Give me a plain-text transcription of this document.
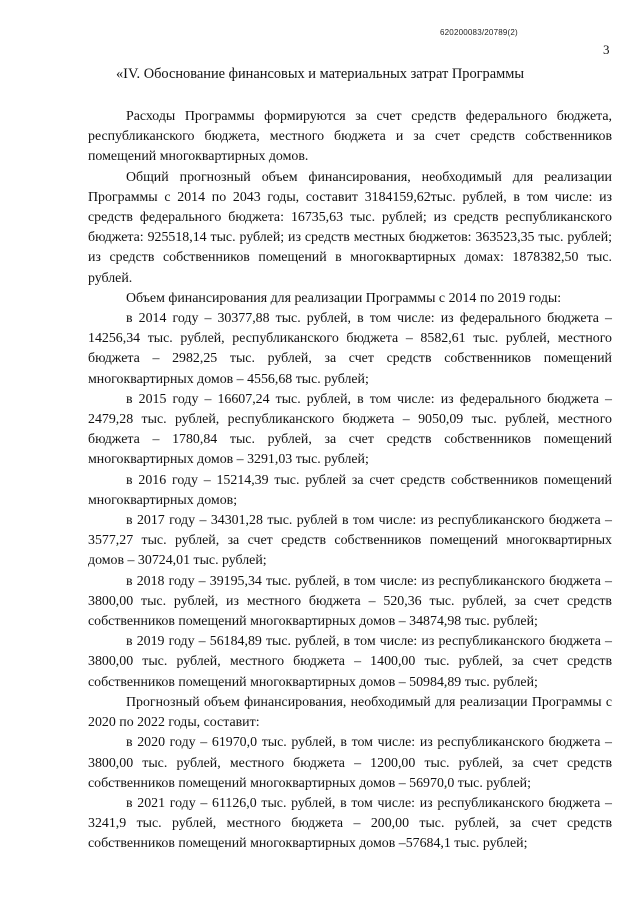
620200083/20789(2)
3
«IV. Обоснование финансовых и материальных затрат Программы

Расходы Программы формируются за счет средств федерального бюджета, республиканского бюджета, местного бюджета и за счет средств собственников помещений многоквартирных домов.

Общий прогнозный объем финансирования, необходимый для реализации Программы с 2014 по 2043 годы, составит 3184159,62тыс. рублей, в том числе: из средств федерального бюджета: 16735,63 тыс. рублей; из средств республиканского бюджета: 925518,14 тыс. рублей; из средств местных бюджетов: 363523,35 тыс. рублей; из средств собственников помещений в многоквартирных домах: 1878382,50 тыс. рублей.

Объем финансирования для реализации Программы с 2014 по 2019 годы:

в 2014 году – 30377,88 тыс. рублей, в том числе: из федерального бюджета – 14256,34 тыс. рублей, республиканского бюджета – 8582,61 тыс. рублей, местного бюджета – 2982,25 тыс. рублей, за счет средств собственников помещений многоквартирных домов – 4556,68 тыс. рублей;

в 2015 году – 16607,24 тыс. рублей, в том числе: из федерального бюджета – 2479,28 тыс. рублей, республиканского бюджета – 9050,09 тыс. рублей, местного бюджета – 1780,84 тыс. рублей, за счет средств собственников помещений многоквартирных домов – 3291,03 тыс. рублей;

в 2016 году – 15214,39 тыс. рублей за счет средств собственников помещений многоквартирных домов;

в 2017 году – 34301,28 тыс. рублей в том числе: из республиканского бюджета – 3577,27 тыс. рублей, за счет средств собственников помещений многоквартирных домов – 30724,01 тыс. рублей;

в 2018 году – 39195,34 тыс. рублей, в том числе: из республиканского бюджета – 3800,00 тыс. рублей, из местного бюджета – 520,36 тыс. рублей, за счет средств собственников помещений многоквартирных домов – 34874,98 тыс. рублей;

в 2019 году – 56184,89 тыс. рублей, в том числе: из республиканского бюджета – 3800,00 тыс. рублей, местного бюджета – 1400,00 тыс. рублей, за счет средств собственников помещений многоквартирных домов – 50984,89 тыс. рублей;

Прогнозный объем финансирования, необходимый для реализации Программы с 2020 по 2022 годы, составит:

в 2020 году – 61970,0 тыс. рублей, в том числе: из республиканского бюджета – 3800,00 тыс. рублей, местного бюджета – 1200,00 тыс. рублей, за счет средств собственников помещений многоквартирных домов – 56970,0 тыс. рублей;

в 2021 году – 61126,0 тыс. рублей, в том числе: из республиканского бюджета – 3241,9 тыс. рублей, местного бюджета – 200,00 тыс. рублей, за счет средств собственников помещений многоквартирных домов –57684,1 тыс. рублей;
